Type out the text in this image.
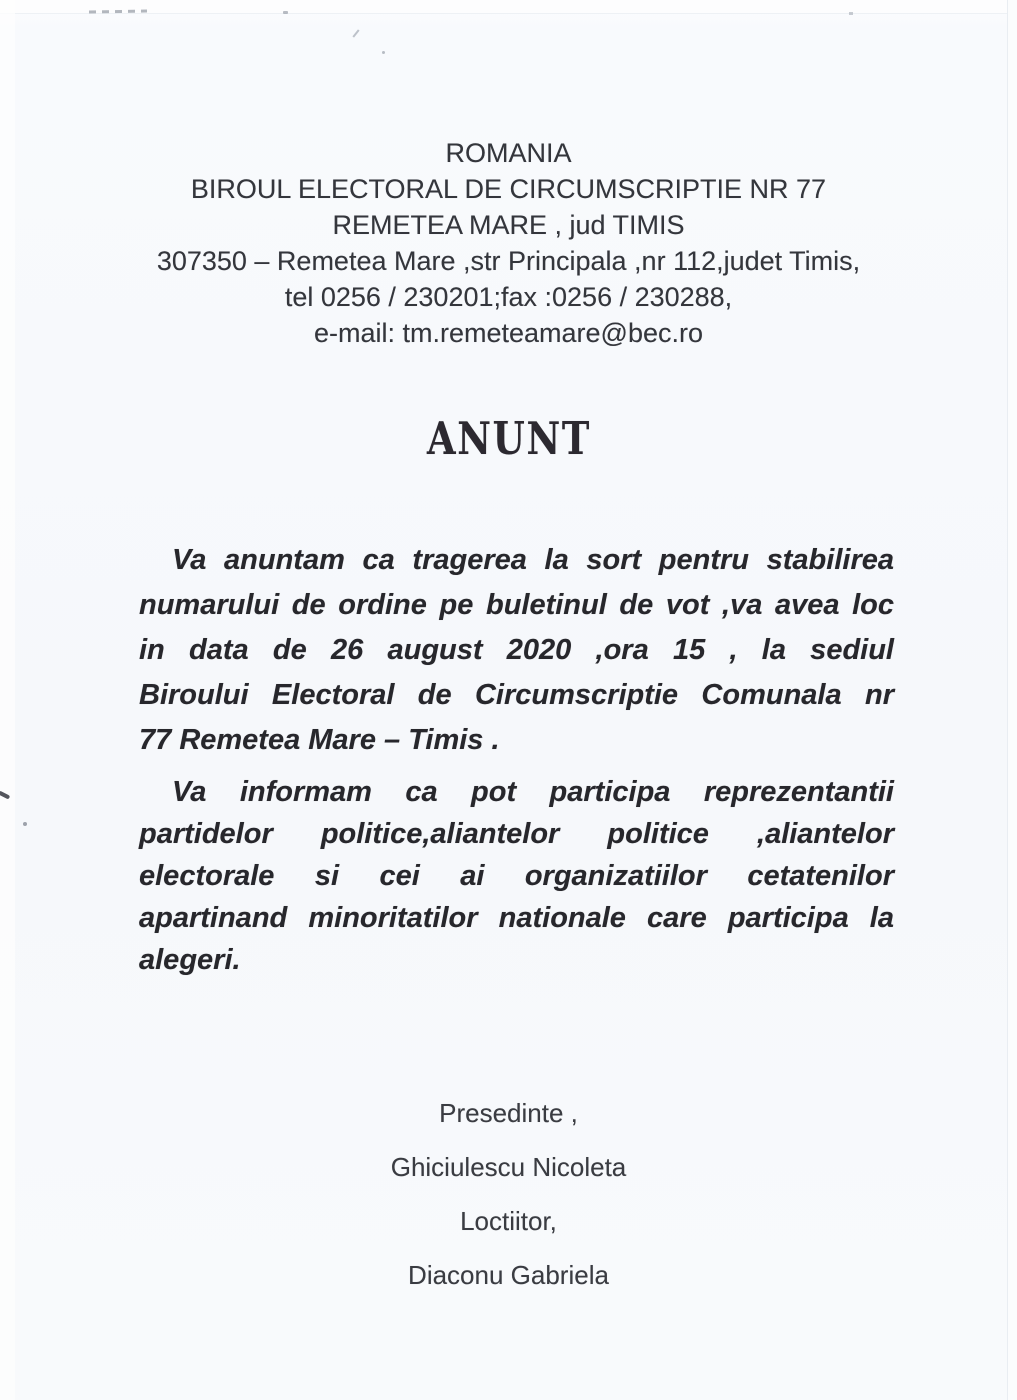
ROMANIA
BIROUL ELECTORAL DE CIRCUMSCRIPTIE NR 77
REMETEA MARE , jud TIMIS
307350 – Remetea Mare ,str Principala ,nr 112,judet Timis,
tel 0256 / 230201;fax :0256 / 230288,
e-mail: tm.remeteamare@bec.ro
ANUNT
Va anuntam ca tragerea la sort pentru stabilirea
numarului de ordine pe buletinul de vot ,va avea loc
in data de 26 august 2020 ,ora 15 , la sediul
Biroului Electoral de Circumscriptie Comunala nr
77 Remetea Mare – Timis .
Va informam ca pot participa reprezentantii
partidelor politice,aliantelor politice ,aliantelor
electorale si cei ai organizatiilor cetatenilor
apartinand minoritatilor nationale care participa la
alegeri.
Presedinte ,
Ghiciulescu Nicoleta
Loctiitor,
Diaconu Gabriela
